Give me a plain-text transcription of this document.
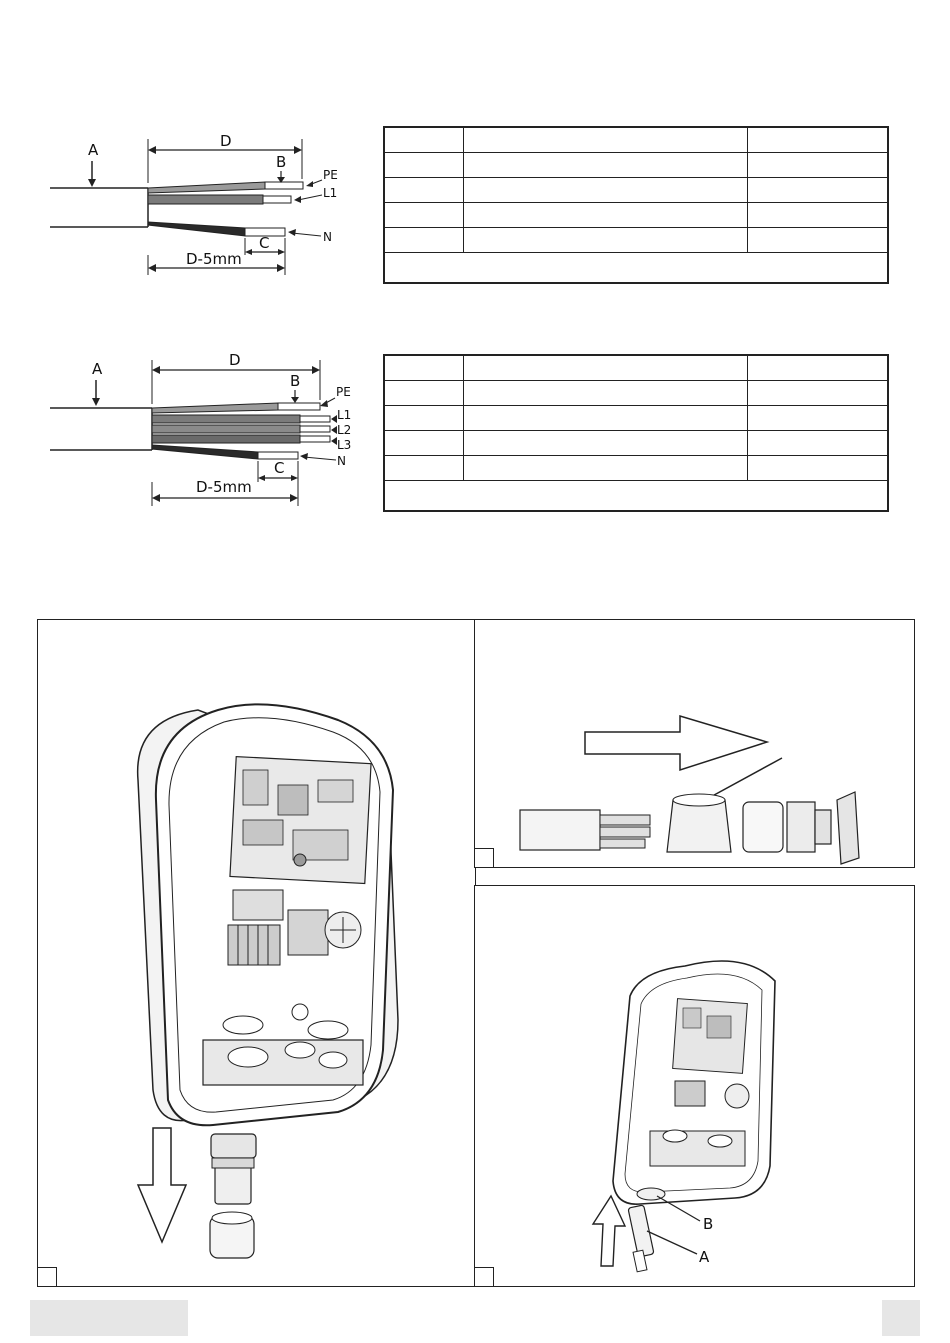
A	D
B
PE
L1
N
C
D-5mm

A	D
B
PE
L1
L2
L3
N
C
D-5mm

B
A
